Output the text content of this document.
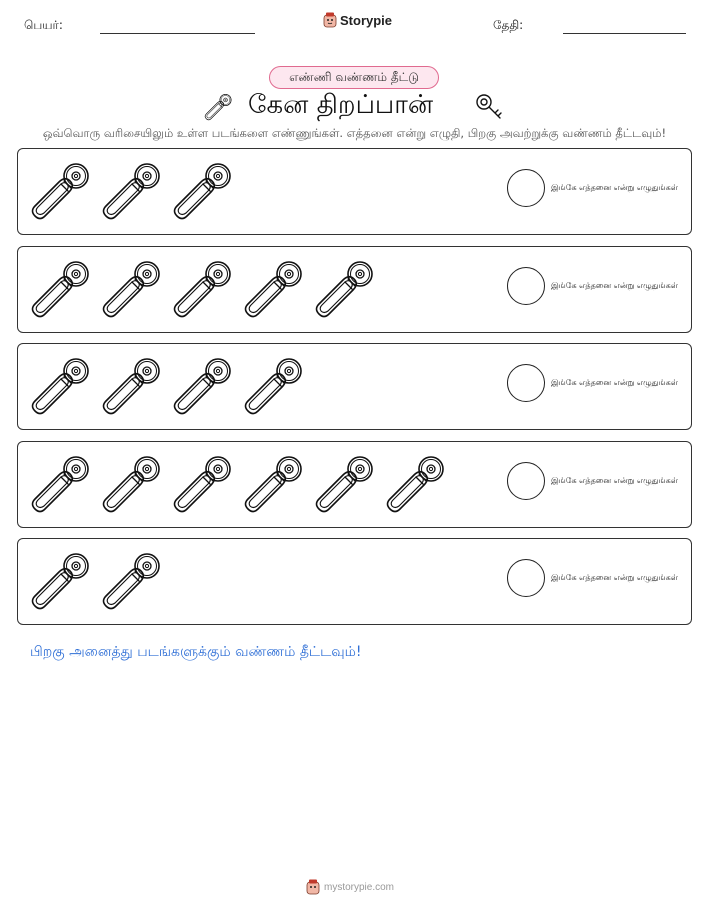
பெயர்:	Storypie	தேதி:
எண்ணி வண்ணம் தீட்டு
கேன திறப்பான்
ஒவ்வொரு வரிசையிலும் உள்ள படங்களை எண்ணுங்கள். எத்தனை என்று எழுதி, பிறகு அவற்றுக்கு வண்ணம் தீட்டவும்!
இங்கே எத்தனை என்று எழுதுங்கள்
இங்கே எத்தனை என்று எழுதுங்கள்
இங்கே எத்தனை என்று எழுதுங்கள்
இங்கே எத்தனை என்று எழுதுங்கள்
இங்கே எத்தனை என்று எழுதுங்கள்
பிறகு அனைத்து படங்களுக்கும் வண்ணம் தீட்டவும்!
mystorypie.com
